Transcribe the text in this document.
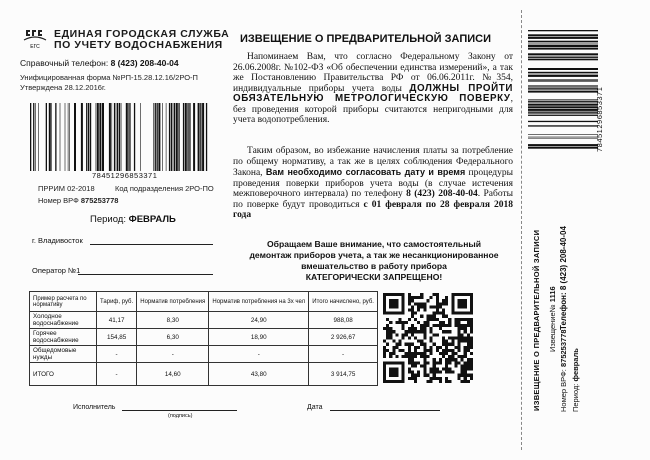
ЕГС
ЕДИНАЯ ГОРОДСКАЯ СЛУЖБА
ПО УЧЕТУ ВОДОСНАБЖЕНИЯ
Справочный телефон: 8 (423) 208-40-04
Унифицированная форма №РП-15.28.12.16/2РО-П
Утверждена 28.12.2016г.
78451296853371
ПРРИМ 02-2018	Код подразделения 2РО-ПО
Номер ВРФ 875253778
Период: ФЕВРАЛЬ
г. Владивосток
Оператор №1
Пример расчета по нормативу	Тариф, руб.	Норматив потребления	Норматив потребления на 3х чел	Итого начислено, руб.
Холодное водоснабжение	41,17	8,30	24,90	988,08
Горячее водоснабжение	154,85	6,30	18,90	2 926,67
Общедомовые нужды	-	-	-	-
ИТОГО	-	14,60	43,80	3 914,75
Исполнитель
(подпись)
Дата
ИЗВЕЩЕНИЕ О ПРЕДВАРИТЕЛЬНОЙ ЗАПИСИ
Напоминаем Вам, что согласно Федеральному Закону от 26.06.2008г. №102-ФЗ «Об обеспечении единства измерений», а так же Постановлению Правительства РФ от 06.06.2011г. №354, индивидуальные приборы учета воды ДОЛЖНЫ ПРОЙТИ ОБЯЗАТЕЛЬНУЮ МЕТРОЛОГИЧЕСКУЮ ПОВЕРКУ, без проведения которой приборы считаются непригодными для учета водопотребления.
Таким образом, во избежание начисления платы за потребление по общему нормативу, а так же в целях соблюдения Федерального Закона, Вам необходимо согласовать дату и время процедуры проведения поверки приборов учета воды (в случае истечения межповерочного интервала) по телефону 8 (423) 208-40-04. Работы по поверке будут проводиться с 01 февраля по 28 февраля 2018 года
Обращаем Ваше внимание, что самостоятельный
демонтаж приборов учета, а так же несанкционированное
вмешательство в работу прибора
КАТЕГОРИЧЕСКИ ЗАПРЕЩЕНО!
78451296853371
ИЗВЕЩЕНИЕ О ПРЕДВАРИТЕЛЬНОЙ ЗАПИСИ Извещение№ 1116
Номер ВРФ: 875253778
Телефон: 8 (423) 208-40-04
Период: февраль
